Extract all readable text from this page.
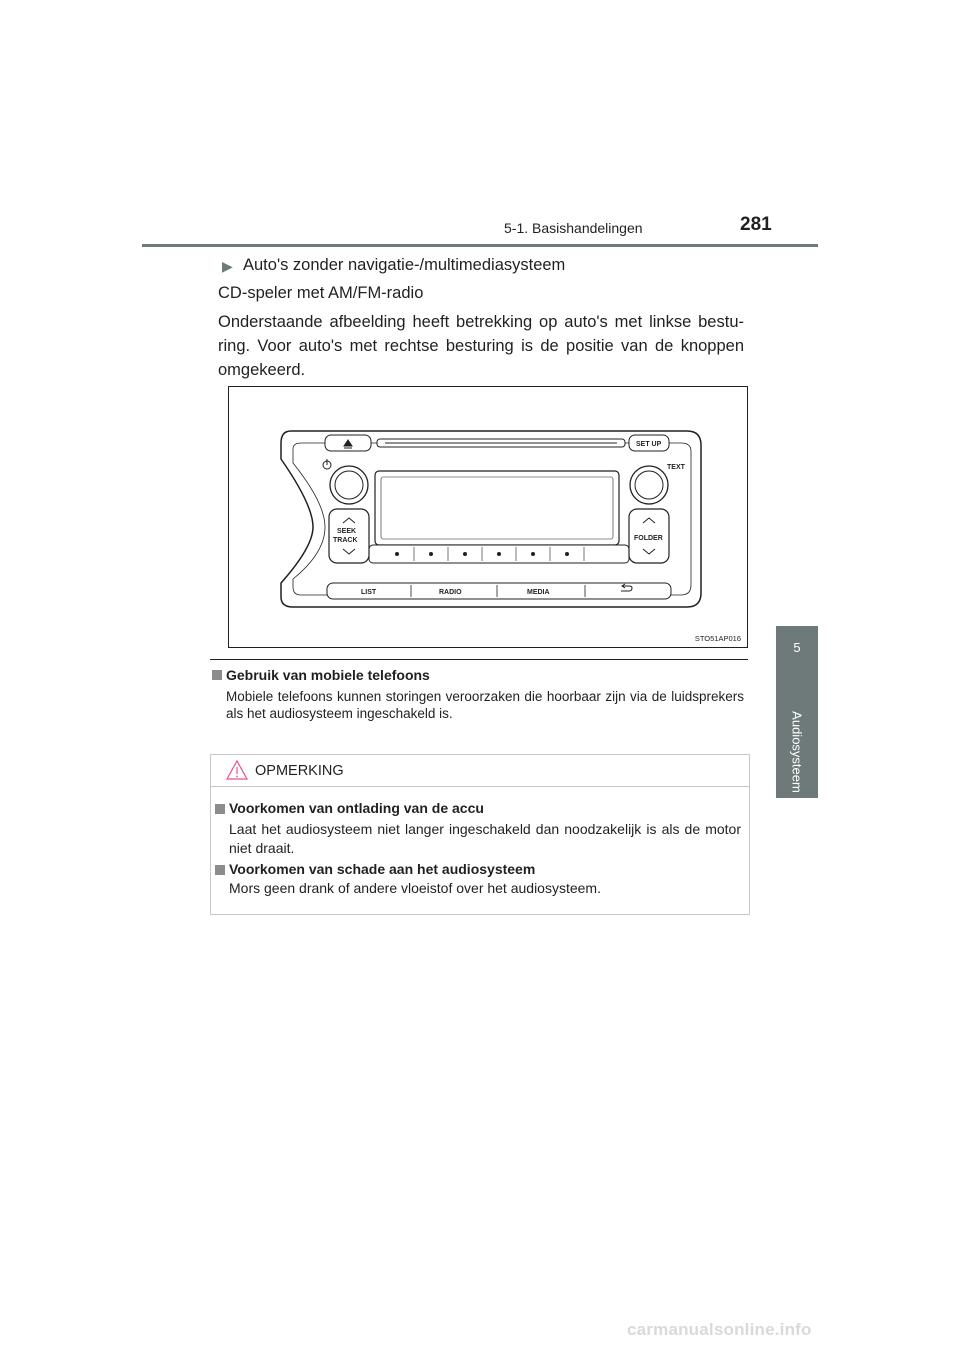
5-1. Basishandelingen	281
5
Audiosysteem
▶ Auto's zonder navigatie-/multimediasysteem
CD-speler met AM/FM-radio
Onderstaande afbeelding heeft betrekking op auto's met linkse bestu-ring. Voor auto's met rechtse besturing is de positie van de knoppen omgekeerd.
SET UP
TEXT
SEEK
TRACK	FOLDER
LIST	RADIO	MEDIA
STO51AP016
Gebruik van mobiele telefoons
Mobiele telefoons kunnen storingen veroorzaken die hoorbaar zijn via de luidsprekers als het audiosysteem ingeschakeld is.
OPMERKING
Voorkomen van ontlading van de accu
Laat het audiosysteem niet langer ingeschakeld dan noodzakelijk is als de motor niet draait.
Voorkomen van schade aan het audiosysteem
Mors geen drank of andere vloeistof over het audiosysteem.
carmanualsonline.info
